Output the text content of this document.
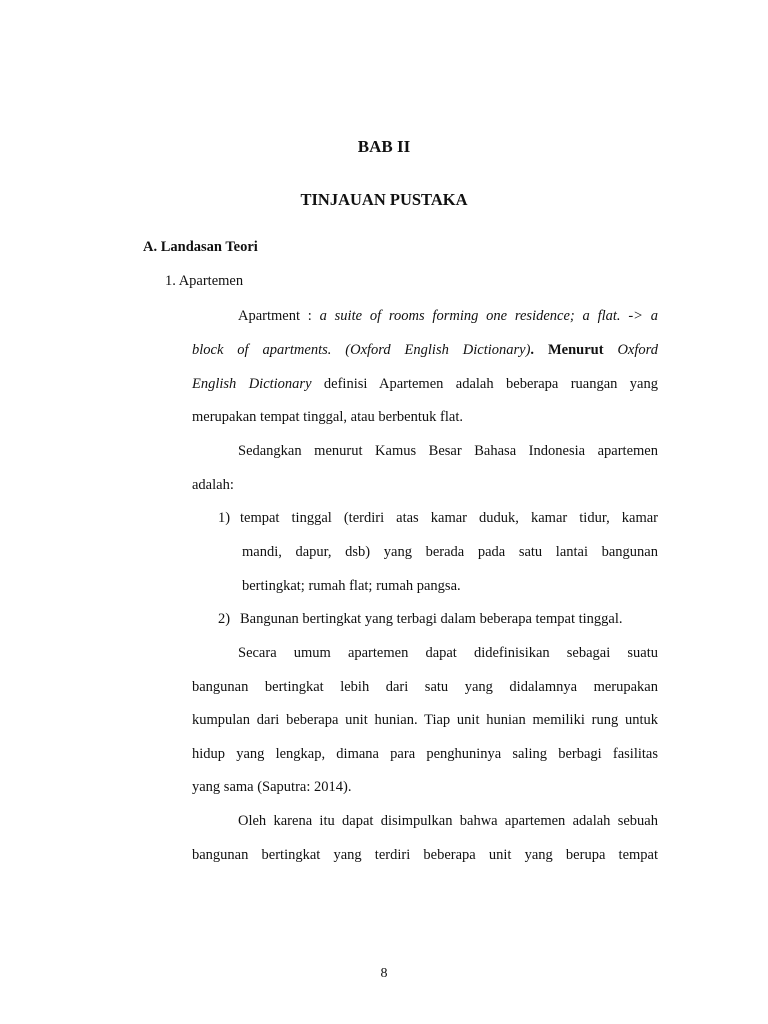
BAB II
TINJAUAN PUSTAKA
A. Landasan Teori
1. Apartemen
Apartment : a suite of rooms forming one residence; a flat. -> a
block of apartments. (Oxford English Dictionary). Menurut Oxford
English Dictionary definisi Apartemen adalah beberapa ruangan yang
merupakan tempat tinggal, atau berbentuk flat.
Sedangkan menurut Kamus Besar Bahasa Indonesia apartemen
adalah:
1) tempat tinggal (terdiri atas kamar duduk, kamar tidur, kamar
mandi, dapur, dsb) yang berada pada satu lantai bangunan
bertingkat; rumah flat; rumah pangsa.
2) Bangunan bertingkat yang terbagi dalam beberapa tempat tinggal.
Secara umum apartemen dapat didefinisikan sebagai suatu
bangunan bertingkat lebih dari satu yang didalamnya merupakan
kumpulan dari beberapa unit hunian. Tiap unit hunian memiliki rung untuk
hidup yang lengkap, dimana para penghuninya saling berbagi fasilitas
yang sama (Saputra: 2014).
Oleh karena itu dapat disimpulkan bahwa apartemen adalah sebuah
bangunan bertingkat yang terdiri beberapa unit yang berupa tempat
8
